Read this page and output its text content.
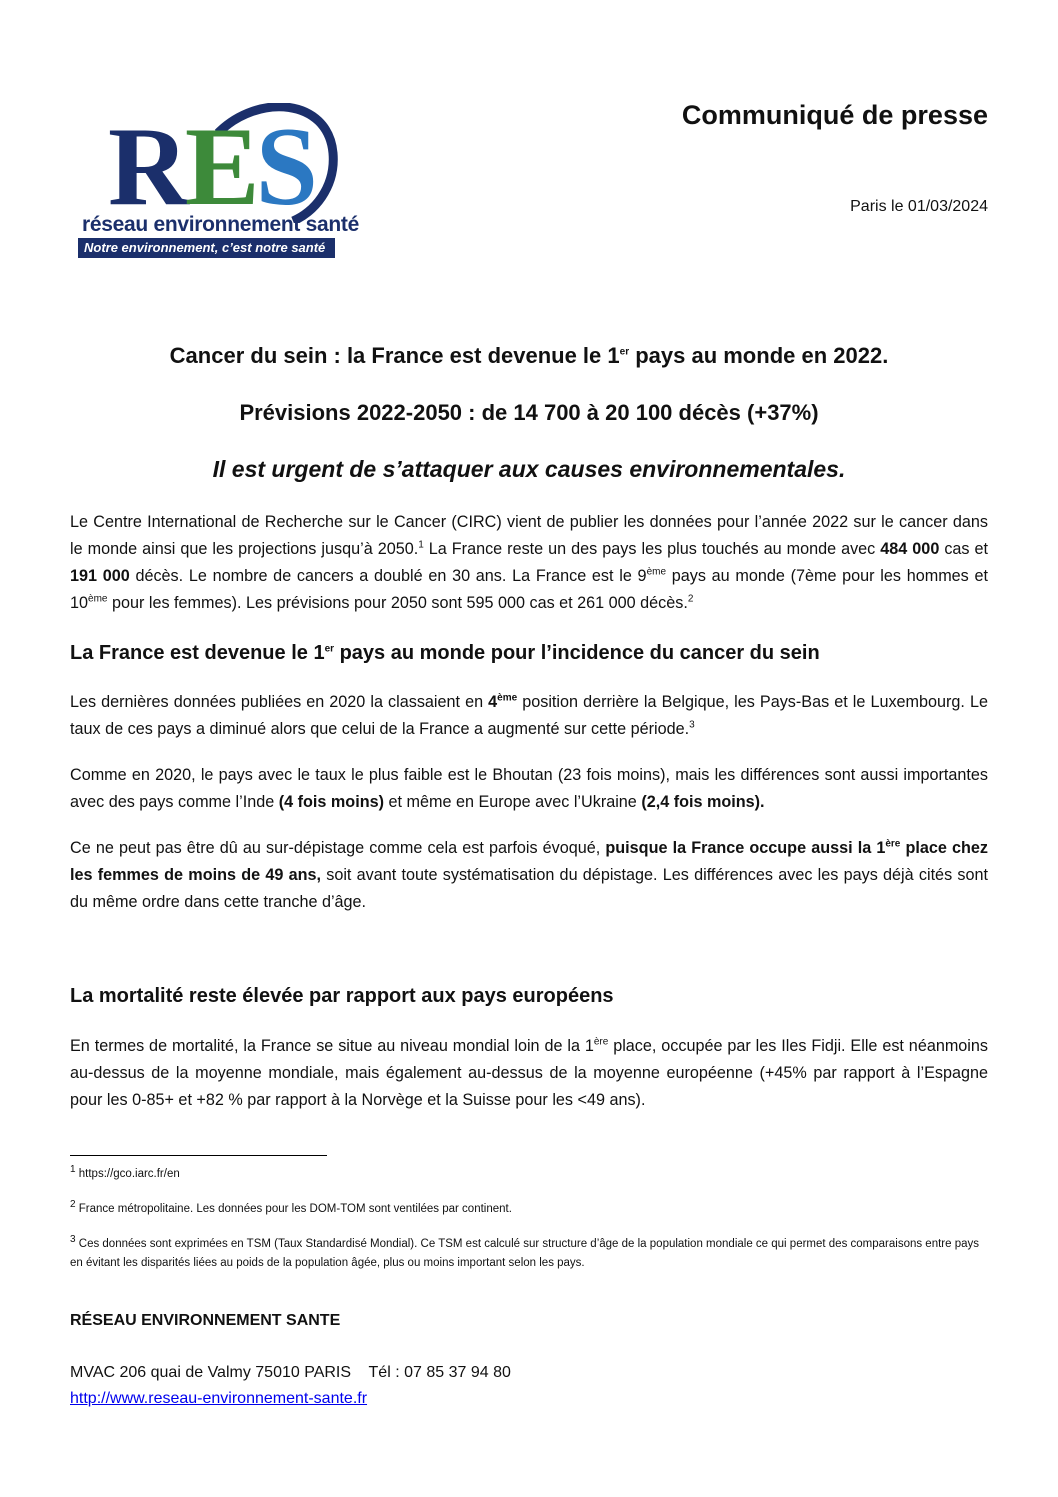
R E S
réseau environnement santé
Notre environnement, c’est notre santé
Communiqué de presse
Paris le 01/03/2024
Cancer du sein : la France est devenue le 1er pays au monde en 2022.
Prévisions 2022-2050 : de 14 700 à 20 100 décès (+37%)
Il est urgent de s’attaquer aux causes environnementales.
Le Centre International de Recherche sur le Cancer (CIRC) vient de publier les données pour l’année 2022 sur le cancer dans le monde ainsi que les projections jusqu’à 2050.$^1$ La France reste un des pays les plus touchés au monde avec 484 000 cas et 191 000 décès. Le nombre de cancers a doublé en 30 ans. La France est le 9ème pays au monde (7ème pour les hommes et 10ème pour les femmes). Les prévisions pour 2050 sont 595 000 cas et 261 000 décès.$^2$
La France est devenue le 1er pays au monde pour l’incidence du cancer du sein
Les dernières données publiées en 2020 la classaient en 4ème position derrière la Belgique, les Pays-Bas et le Luxembourg. Le taux de ces pays a diminué alors que celui de la France a augmenté sur cette période.$^3$
Comme en 2020, le pays avec le taux le plus faible est le Bhoutan (23 fois moins), mais les différences sont aussi importantes avec des pays comme l’Inde (4 fois moins) et même en Europe avec l’Ukraine (2,4 fois moins).
Ce ne peut pas être dû au sur-dépistage comme cela est parfois évoqué, puisque la France occupe aussi la 1ère place chez les femmes de moins de 49 ans, soit avant toute systématisation du dépistage. Les différences avec les pays déjà cités sont du même ordre dans cette tranche d’âge.
La mortalité reste élevée par rapport aux pays européens
En termes de mortalité, la France se situe au niveau mondial loin de la 1ère place, occupée par les Iles Fidji. Elle est néanmoins au-dessus de la moyenne mondiale, mais également au-dessus de la moyenne européenne (+45% par rapport à l’Espagne pour les 0-85+ et +82 % par rapport à la Norvège et la Suisse pour les <49 ans).
$^1$ https://gco.iarc.fr/en
$^2$ France métropolitaine. Les données pour les DOM-TOM sont ventilées par continent.
$^3$ Ces données sont exprimées en TSM (Taux Standardisé Mondial). Ce TSM est calculé sur structure d’âge de la population mondiale ce qui permet des comparaisons entre pays en évitant les disparités liées au poids de la population âgée, plus ou moins important selon les pays.
RÉSEAU ENVIRONNEMENT SANTE
MVAC 206 quai de Valmy 75010 PARIS    Tél : 07 85 37 94 80
http://www.reseau-environnement-sante.fr
